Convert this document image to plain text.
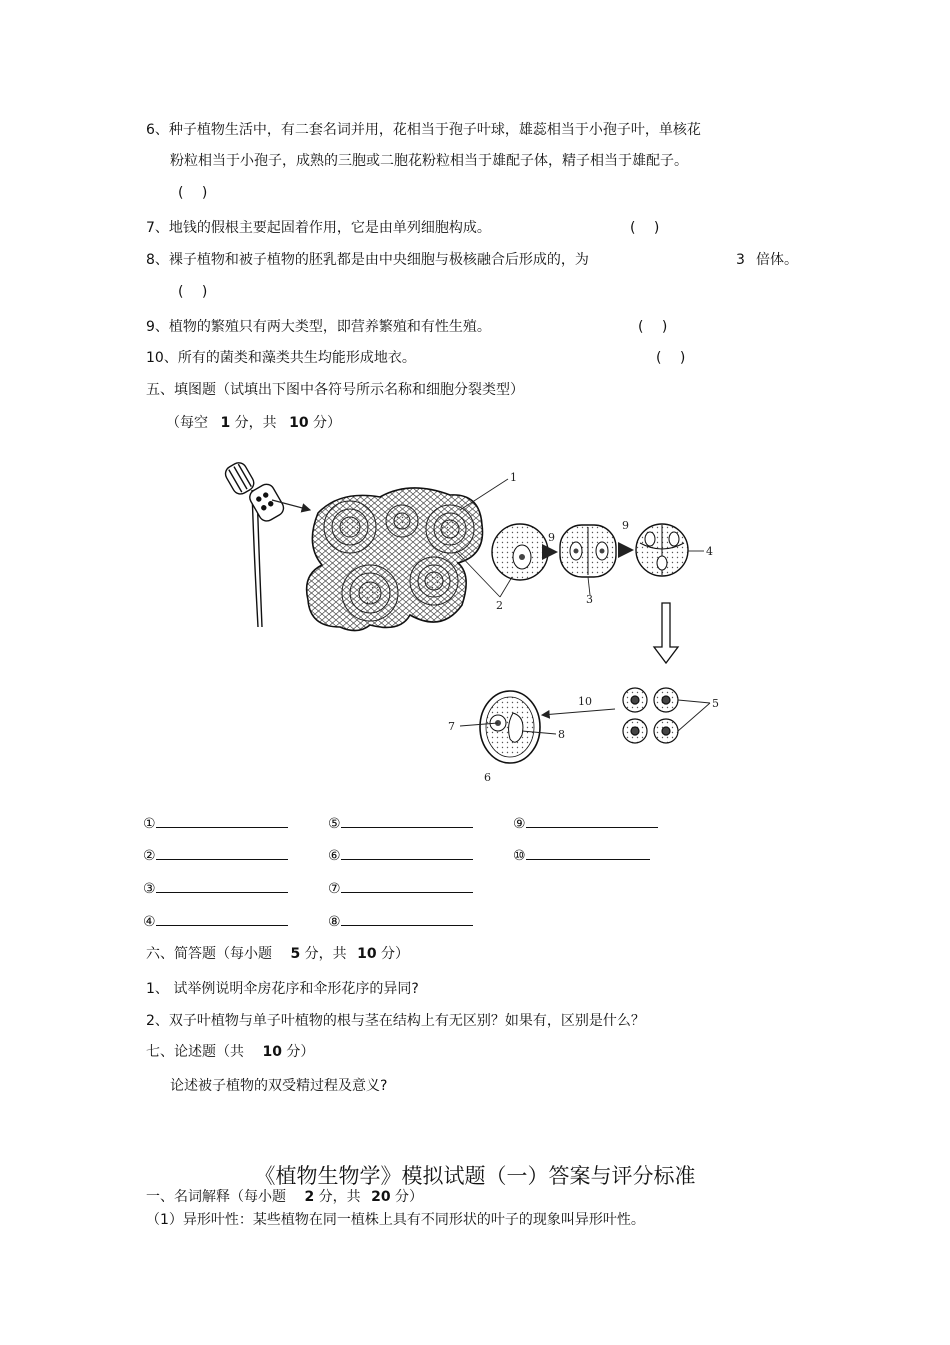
6、种子植物生活中，有二套名词并用，花相当于孢子叶球，雄蕊相当于小孢子叶，单核花
粉粒相当于小孢子，成熟的三胞或二胞花粉粒相当于雄配子体，精子相当于雄配子。
(　 )
7、地钱的假根主要起固着作用，它是由单列细胞构成。	(　 )
8、裸子植物和被子植物的胚乳都是由中央细胞与极核融合后形成的，为	3 倍体。
(　 )
9、植物的繁殖只有两大类型，即营养繁殖和有性生殖。	(　 )
10、所有的菌类和藻类共生均能形成地衣。	(　 )
五、填图题（试填出下图中各符号所示名称和细胞分裂类型）
（每空 1 分，共 10 分）
1
2	3
4
5
6
7
8
9
9
10
①
②
③
④
⑤
⑥
⑦
⑧
⑨
⑩
六、简答题（每小题 5 分，共 10 分）
1、 试举例说明伞房花序和伞形花序的异同?
2、双子叶植物与单子叶植物的根与茎在结构上有无区别？如果有，区别是什么？
七、论述题（共 10 分）
论述被子植物的双受精过程及意义?
《植物生物学》模拟试题（一）答案与评分标准
一、名词解释（每小题 2 分，共 20 分）
（1）异形叶性：某些植物在同一植株上具有不同形状的叶子的现象叫异形叶性。
